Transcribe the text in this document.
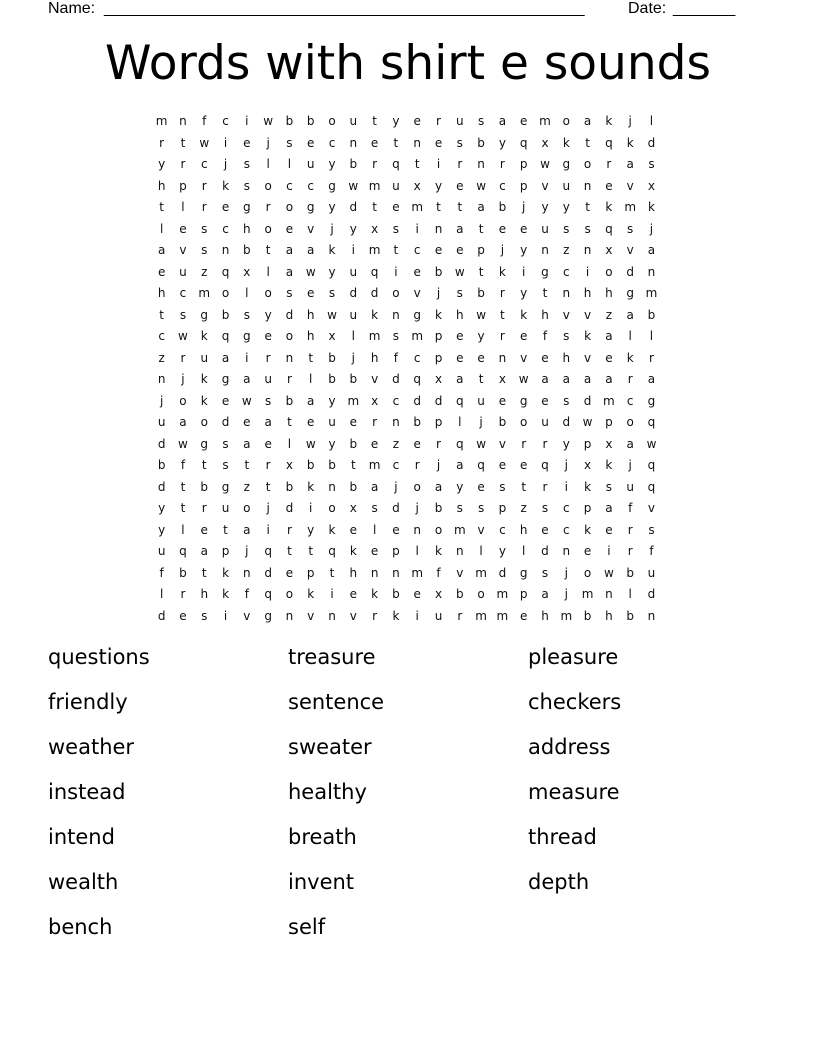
Name: ______________________________________________________	Date: _______
Words with shirt e sounds
m n	f	c	i	w	b	b	o	u	t	y	e	r	u	s	a	e m o	a	k	j	l
r	t	w	i	e	j	s	e	c	n	e	t	n	e	s	b	y	q	x	k	t	q	k	d
y	r	c	j	s	l	l	u	y	b	r	q	t	i	r	n	r	p	w	g	o	r	a	s
h	p	r	k	s	o	c	c	g	w m u	x	y	e	w	c	p	v	u	n	e	v	x
t	l	r	e	g	r	o	g	y	d	t	e m	t	t	a	b	j	y	y	t	k m k
l	e	s	c	h	o	e	v	j	y	x	s	i	n	a	t	e	e	u	s	s	q	s	j
a	v	s	n	b	t	a	a	k	i	m	t	c	e	e	p	j	y	n	z	n	x	v	a
e	u	z	q	x	l	a	w	y	u	q	i	e	b	w	t	k	i	g	c	i	o	d	n
h	c	m o	l	o	s	e	s	d	d	o	v	j	s	b	r	y	t	n	h	h	g m
t	s	g	b	s	y	d	h	w	u	k	n	g	k	h	w	t	k	h	v	v	z	a	b
c	w	k	q	g	e	o	h	x	l	m	s	m p	e	y	r	e	f	s	k	a	l	l
z	r	u	a	i	r	n	t	b	j	h	f	c	p	e	e	n	v	e	h	v	e	k	r
n	j	k	g	a	u	r	l	b	b	v	d	q	x	a	t	x	w	a	a	a	a	r	a
j	o	k	e	w	s	b	a	y m x	c	d	d	q	u	e	g	e	s	d m	c	g
u	a	o	d	e	a	t	e	u	e	r	n	b	p	l	j	b	o	u	d	w	p	o	q
d	w	g	s	a	e	l	w	y	b	e	z	e	r	q	w	v	r	r	y	p	x	a	w
b	f	t	s	t	r	x	b	b	t	m	c	r	j	a	q	e	e	q	j	x	k	j	q
d	t	b	g	z	t	b	k	n	b	a	j	o	a	y	e	s	t	r	i	k	s	u	q
y	t	r	u	o	j	d	i	o	x	s	d	j	b	s	s	p	z	s	c	p	a	f	v
y	l	e	t	a	i	r	y	k	e	l	e	n	o m v	c	h	e	c	k	e	r	s
u	q	a	p	j	q	t	t	q	k	e	p	l	k	n	l	y	l	d	n	e	i	r	f
f	b	t	k	n	d	e	p	t	h	n	n m	f	v m d	g	s	j	o	w	b	u
l	r	h	k	f	q	o	k	i	e	k	b	e	x	b	o m p	a	j	m n	l	d
d	e	s	i	v	g	n	v	n	v	r	k	i	u	r	m m e	h m b	h	b	n
questions	treasure	pleasure
friendly	sentence	checkers
weather	sweater	address
instead	healthy	measure
intend	breath	thread
wealth	invent	depth
bench	self
